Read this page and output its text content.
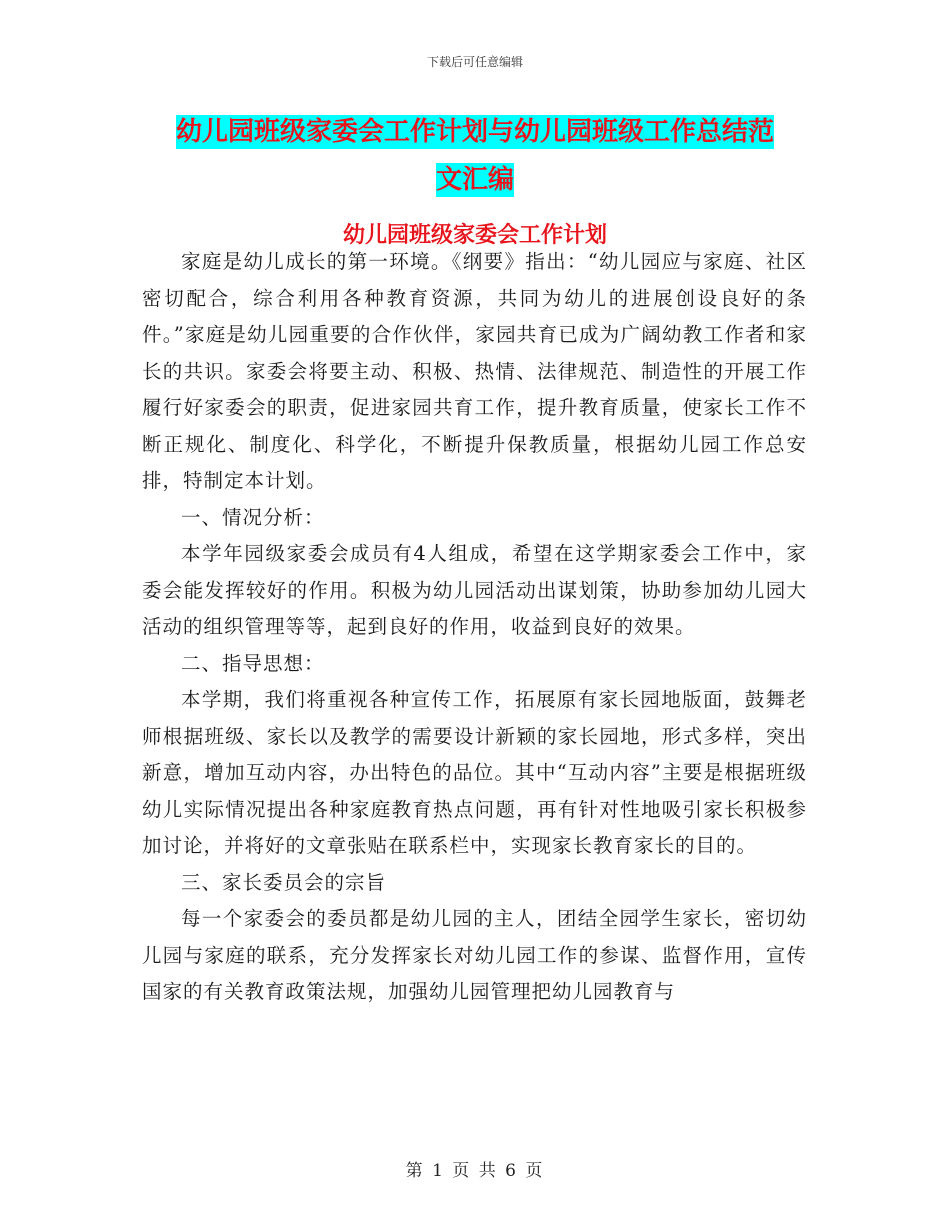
下载后可任意编辑
幼儿园班级家委会工作计划与幼儿园班级工作总结范
文汇编
幼儿园班级家委会工作计划

家庭是幼儿成长的第一环境。《纲要》指出：“幼儿园应与家庭、社区密切配合，综合利用各种教育资源，共同为幼儿的进展创设良好的条件。”家庭是幼儿园重要的合作伙伴，家园共育已成为广阔幼教工作者和家长的共识。家委会将要主动、积极、热情、法律规范、制造性的开展工作履行好家委会的职责，促进家园共育工作，提升教育质量，使家长工作不断正规化、制度化、科学化，不断提升保教质量，根据幼儿园工作总安排，特制定本计划。

一、情况分析：

本学年园级家委会成员有4人组成，希望在这学期家委会工作中，家委会能发挥较好的作用。积极为幼儿园活动出谋划策，协助参加幼儿园大活动的组织管理等等，起到良好的作用，收益到良好的效果。

二、指导思想：

本学期，我们将重视各种宣传工作，拓展原有家长园地版面，鼓舞老师根据班级、家长以及教学的需要设计新颖的家长园地，形式多样，突出新意，增加互动内容，办出特色的品位。其中“互动内容”主要是根据班级幼儿实际情况提出各种家庭教育热点问题，再有针对性地吸引家长积极参加讨论，并将好的文章张贴在联系栏中，实现家长教育家长的目的。

三、家长委员会的宗旨

每一个家委会的委员都是幼儿园的主人，团结全园学生家长，密切幼儿园与家庭的联系，充分发挥家长对幼儿园工作的参谋、监督作用，宣传国家的有关教育政策法规，加强幼儿园管理把幼儿园教育与

第 1 页 共 6 页
